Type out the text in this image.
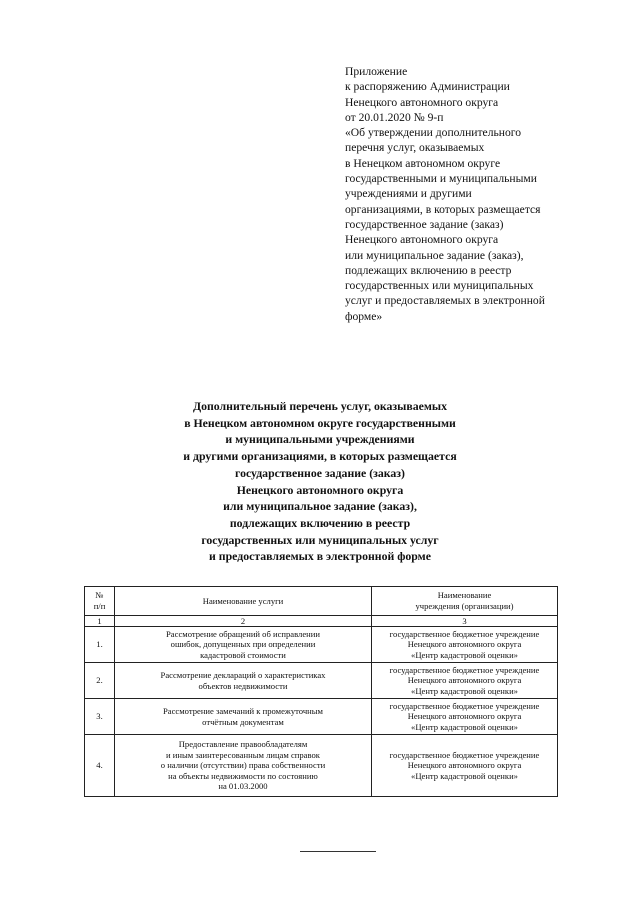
Приложение
к распоряжению Администрации
Ненецкого автономного округа
от 20.01.2020 № 9-п
«Об утверждении дополнительного
перечня услуг, оказываемых
в Ненецком автономном округе
государственными и муниципальными
учреждениями и другими
организациями, в которых размещается
государственное задание (заказ)
Ненецкого автономного округа
или муниципальное задание (заказ),
подлежащих включению в реестр
государственных или муниципальных
услуг и предоставляемых в электронной
форме»
Дополнительный перечень услуг, оказываемых
в Ненецком автономном округе государственными
и муниципальными учреждениями
и другими организациями, в которых размещается
государственное задание (заказ)
Ненецкого автономного округа
или муниципальное задание (заказ),
подлежащих включению в реестр
государственных или муниципальных услуг
и предоставляемых в электронной форме
№
п/п	Наименование услуги	Наименование
учреждения (организации)

1	2	3
1.	Рассмотрение обращений об исправлении
ошибок, допущенных при определении
кадастровой стоимости	государственное бюджетное учреждение
Ненецкого автономного округа
«Центр кадастровой оценки»

2.	Рассмотрение деклараций о характеристиках
объектов недвижимости	государственное бюджетное учреждение
Ненецкого автономного округа
«Центр кадастровой оценки»

3.	Рассмотрение замечаний к промежуточным
отчётным документам	государственное бюджетное учреждение
Ненецкого автономного округа
«Центр кадастровой оценки»

4.	Предоставление правообладателям
и иным заинтересованным лицам справок
о наличии (отсутствии) права собственности
на объекты недвижимости по состоянию
на 01.03.2000	государственное бюджетное учреждение
Ненецкого автономного округа
«Центр кадастровой оценки»
